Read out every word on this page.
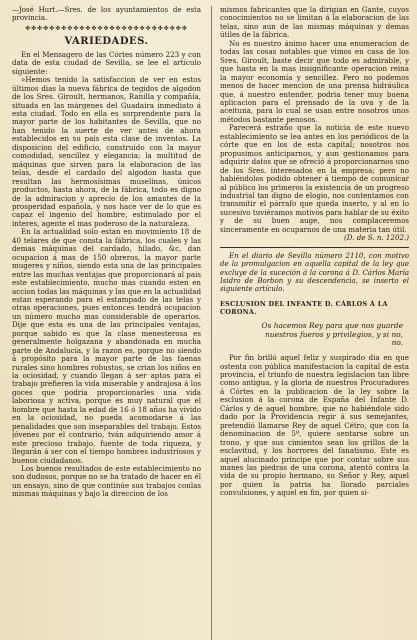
—José Hurt.—Sres. de los ayuntamientos de esta provincia.

✤✤✤✤✤✤✤✤✤✤✤✤✤✤✤✤✤✤✤✤✤✤✤✤✤✤✤
VARIEDADES.

En el Mensagero de las Córtes número 223 y con data de esta ciudad de Sevilla, se lee el artículo siguiente:

»Hemos tenido la satisfaccion de ver en estos últimos dias la nueva fábrica de tegidos de algodon de los Sres. Giroult, hermanos, Ranilla y compañía, situada en las márgenes del Guadaira inmediato á esta ciudad. Todo en ella es sorprendente para la mayor parte de los habitantes de Sevilla, que no han tenido la suerte de ver antes de ahora establecidos en su pais esta clase de inventos. La disposicion del edificio, construido con la mayor comodidad, sencillez y elegancia; la multitud de máquinas que sirven para la elaboracion de las telas, desde el cardado del algodon hasta que resultan las hermosísimas muselinas, únicos productos, hasta ahora, de la fábrica, todo es digno de la admiracion y aprecio de los amantes de la prosperidad española, y nos hace ver de lo que es capaz el ingenio del hombre, estimulado por el interes, agente el mas poderoso de la naturaleza.

En la actualidad solo estan en movimiento 18 de 40 telares de que consta la fábrica, los cuales y las demas máquinas del cardado, hilado, &c, dan ocupacion á mas de 150 obreros, la mayor parte mugeres y niños, siendo esta una de las principales entre las muchas ventajas que proporcionará al pais este establecimiento, mucho mas cuando esten en accion todas las máquinas y las que en la actualidad estan esperando para el estampado de las telas y otras operaciones, pues entonces tendrá ocupacion un número mucho mas considerable de operarios. Dije que esta es una de las principales ventajas, porque sabido es que la clase menesterosa es generalmente holgazana y abandonada en mucha parte de Andalucía, y la razon es, porque no siendo á propósito para la mayor parte de las faenas rurales sino hombres robustos, se crian los niños en la ociosidad, y cuando llegan á ser aptos para el trabajo prefieren la vida miserable y andrajosa á los goces que podria proporcionarles una vida laboriosa y activa, porque es muy natural que el hombre que hasta la edad de 16 ó 18 años ha vivido en la ociosidad, no pueda acomodarse á las penalidades que son inseparables del trabajo. Estos jóvenes por el contrario, tván adquiriendo amor á este precioso trabajo, fuente de toda riqueza, y llegarán á ser con el tiempo hombres industriosos y buenos ciudadanos.

Los buenos resultados de este establecimiento no son dudosos, porque no se ha tratado de hacer en él un ensayo, sino de que continúe sus trabajos conlas mismas máquinas y bajo la direccion de los

mismos fabricantes que la dirigian en Gante, cuyos conocimientos no se limitan á la elaboracion de las telas, sino aun de las mismas máquinas y demas útiles de la fábrica.

No es nuestro ánimo hacer una enumeracion de todas las cosas notables que vimos en casa de los Sres. Giroult, baste decir que todo es admirable, y que hasta en la mas insignificante operacion reina la mayor economía y sencillez. Pero no podemos menos de hacer mencion de una prensa hidráulica que, á nuestro entender, podria tener muy buena aplicacion para el prensado de la uva y de la aceituna, para lo cual se usan entre nosotros unos métodos bastante penosos.

Parecerá estraño que la noticia de este nuevo establecimiento se lea antes en los periódicos de la córte que en los de esta capital; nosotros nos propusimos anticiparnos, y aun gestionamos para adquirir datos que se ofreció á proporcionarnos uno de los Sres. interesados en la empresa; pero no habiéndolos podido obtener á tiempo de comunicar al público los primeros la existencia de un progreso industrial tan digno de elogio, nos contentamos con transmitir el párrafo que queda inserto, y al en lo sucesivo tuviéramos motivos para hablar de su éxito y de su buen auge, nos complaceremos sinceramente en ocuparnos de una materia tan útil.

(D. de S. n. 1202.)

En el diario de Sevilla número 2110, con motivo de la promulgacion en aquella capital de la ley que excluye de la suceción á la corona á D. Cárlos María Isidro de Borbon y su descendencia, se inserto el siguiente artículo.

ESCLUSION DEL INFANTE D. CÁRLOS Á LA CORONA.
Os hacemos Rey para que nos guarde nuestros fueros y privilegios, y si no, no.

Por fin brilló aquel feliz y suspirado dia en que ostenta con pública manifestacion la capital de esta provincia, el triunfo de nuestra legislacion tan libre como antigua, y la gloria de nuestros Procuradores á Córtes en la publicacion de la ley sobre la esclusion á la corona de España del Infante D. Cárlos y de aquel hombre, que no habiéndole sido dado por la Providencia regir á sus semejantes, pretendió llamarse Rey de aquel Cétro, que con la denominacion de 5º, quiere sentarse sobre un trono, y que sus cimientos sean los grillos de la esclavitud, y los horrores del fanatismo. Este es aquel alucinado príncipe que por contar sobre sus manes las piedras de una corona, atentó contra la vida de su propio hermano, su Señor y Rey, aquel por quien la patria ha llorado parciales convulsiones, y aquel en fin, por quien si-
